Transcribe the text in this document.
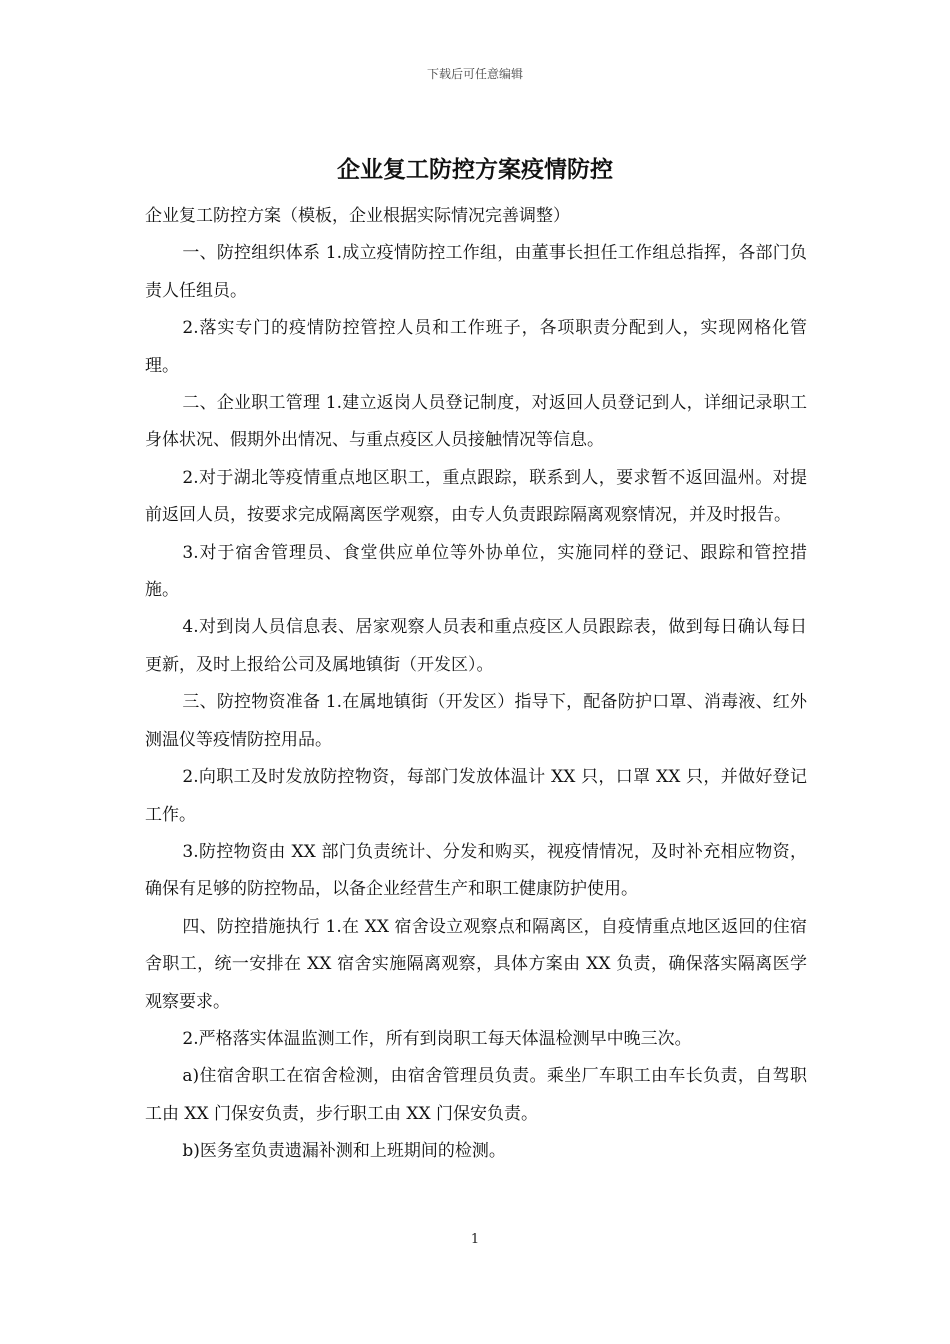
下载后可任意编辑
企业复工防控方案疫情防控

企业复工防控方案（模板，企业根据实际情况完善调整）

一、防控组织体系 1.成立疫情防控工作组，由董事长担任工作组总指挥，各部门负责人任组员。

2.落实专门的疫情防控管控人员和工作班子，各项职责分配到人，实现网格化管理。

二、企业职工管理 1.建立返岗人员登记制度，对返回人员登记到人，详细记录职工身体状况、假期外出情况、与重点疫区人员接触情况等信息。

2.对于湖北等疫情重点地区职工，重点跟踪，联系到人，要求暂不返回温州。对提前返回人员，按要求完成隔离医学观察，由专人负责跟踪隔离观察情况，并及时报告。

3.对于宿舍管理员、食堂供应单位等外协单位，实施同样的登记、跟踪和管控措施。

4.对到岗人员信息表、居家观察人员表和重点疫区人员跟踪表，做到每日确认每日更新，及时上报给公司及属地镇街（开发区）。

三、防控物资准备 1.在属地镇街（开发区）指导下，配备防护口罩、消毒液、红外测温仪等疫情防控用品。

2.向职工及时发放防控物资，每部门发放体温计 XX 只，口罩 XX 只，并做好登记工作。

3.防控物资由 XX 部门负责统计、分发和购买，视疫情情况，及时补充相应物资，确保有足够的防控物品，以备企业经营生产和职工健康防护使用。

四、防控措施执行 1.在 XX 宿舍设立观察点和隔离区，自疫情重点地区返回的住宿舍职工，统一安排在 XX 宿舍实施隔离观察，具体方案由 XX 负责，确保落实隔离医学观察要求。

2.严格落实体温监测工作，所有到岗职工每天体温检测早中晚三次。

a)住宿舍职工在宿舍检测，由宿舍管理员负责。乘坐厂车职工由车长负责，自驾职工由 XX 门保安负责，步行职工由 XX 门保安负责。

b)医务室负责遗漏补测和上班期间的检测。

1
